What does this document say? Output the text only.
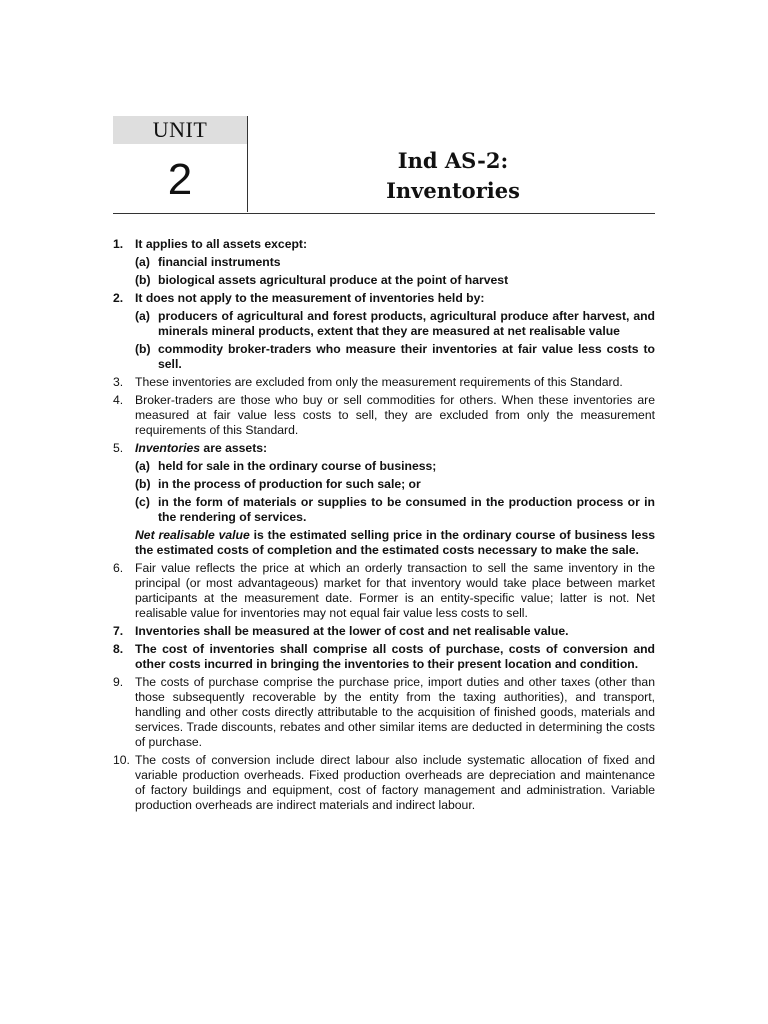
UNIT
2	Ind AS-2:
Inventories
1. It applies to all assets except:
(a) financial instruments
(b) biological assets agricultural produce at the point of harvest
2. It does not apply to the measurement of inventories held by:
(a) producers of agricultural and forest products, agricultural produce after harvest, and minerals mineral products, extent that they are measured at net realisable value
(b) commodity broker-traders who measure their inventories at fair value less costs to sell.
3. These inventories are excluded from only the measurement requirements of this Standard.
4. Broker-traders are those who buy or sell commodities for others. When these inventories are measured at fair value less costs to sell, they are excluded from only the measurement requirements of this Standard.
5. Inventories are assets:
(a) held for sale in the ordinary course of business;
(b) in the process of production for such sale; or
(c) in the form of materials or supplies to be consumed in the production process or in the rendering of services.
Net realisable value is the estimated selling price in the ordinary course of business less the estimated costs of completion and the estimated costs necessary to make the sale.
6. Fair value reflects the price at which an orderly transaction to sell the same inventory in the principal (or most advantageous) market for that inventory would take place between market participants at the measurement date. Former is an entity-specific value; latter is not. Net realisable value for inventories may not equal fair value less costs to sell.
7. Inventories shall be measured at the lower of cost and net realisable value.
8. The cost of inventories shall comprise all costs of purchase, costs of conversion and other costs incurred in bringing the inventories to their present location and condition.
9. The costs of purchase comprise the purchase price, import duties and other taxes (other than those subsequently recoverable by the entity from the taxing authorities), and transport, handling and other costs directly attributable to the acquisition of finished goods, materials and services. Trade discounts, rebates and other similar items are deducted in determining the costs of purchase.
10. The costs of conversion include direct labour also include systematic allocation of fixed and variable production overheads. Fixed production overheads are depreciation and maintenance of factory buildings and equipment, cost of factory management and administration. Variable production overheads are indirect materials and indirect labour.
